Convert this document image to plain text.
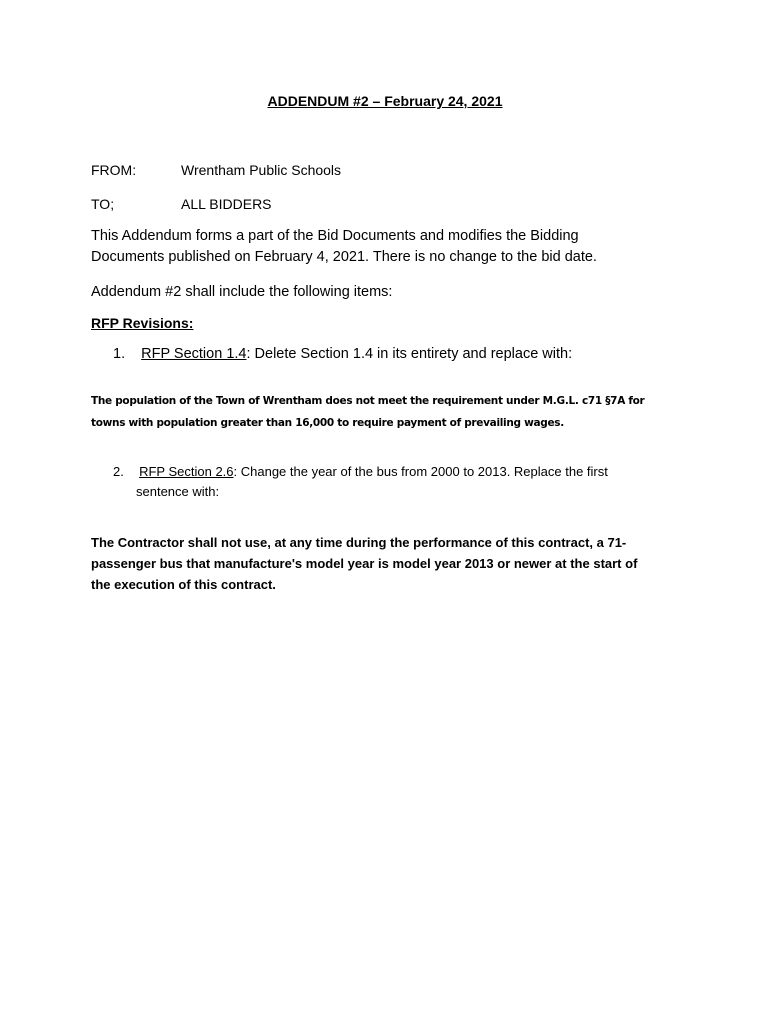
ADDENDUM #2 – February 24, 2021
FROM:	Wrentham Public Schools
TO;	ALL BIDDERS
This Addendum forms a part of the Bid Documents and modifies the Bidding
Documents published on February 4, 2021. There is no change to the bid date.
Addendum #2 shall include the following items:
RFP Revisions:
1. RFP Section 1.4: Delete Section 1.4 in its entirety and replace with:
The population of the Town of Wrentham does not meet the requirement under M.G.L. c71 §7A for
towns with population greater than 16,000 to require payment of prevailing wages.
2. RFP Section 2.6: Change the year of the bus from 2000 to 2013. Replace the first
sentence with:
The Contractor shall not use, at any time during the performance of this contract, a 71-
passenger bus that manufacture's model year is model year 2013 or newer at the start of
the execution of this contract.
